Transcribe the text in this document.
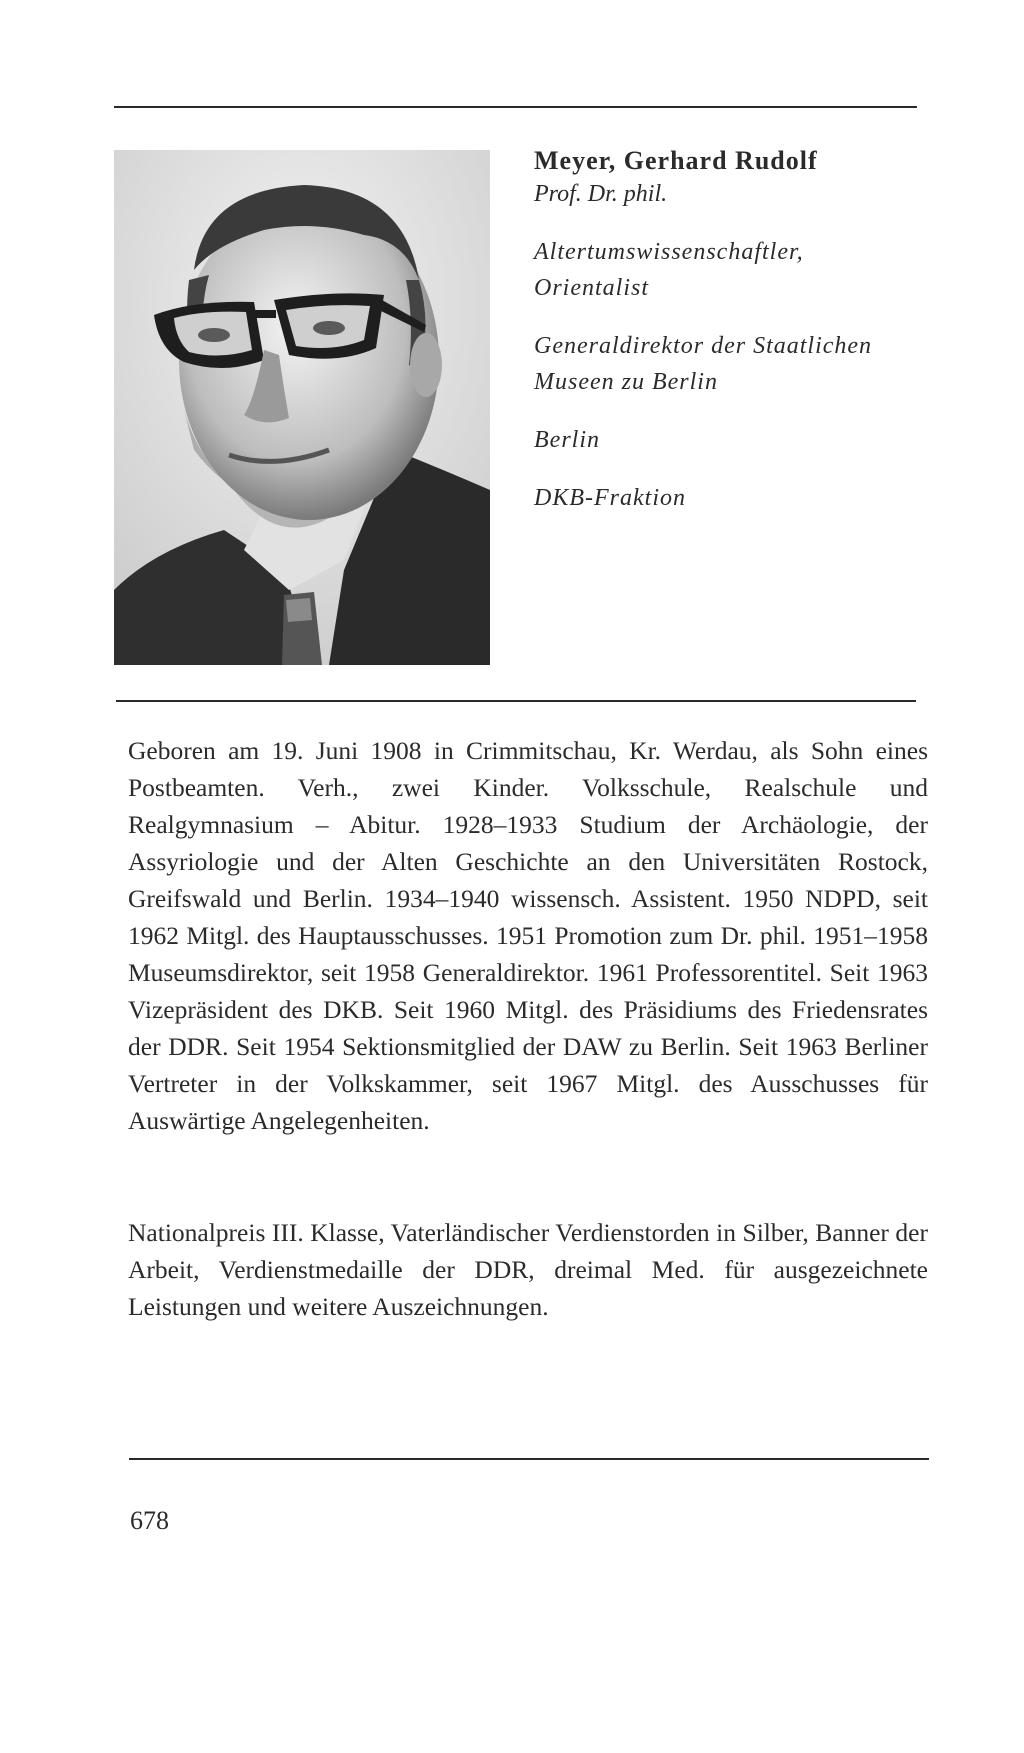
Meyer, Gerhard Rudolf

Prof. Dr. phil.

Altertumswissenschaftler,

Orientalist

Generaldirektor der Staatlichen

Museen zu Berlin

Berlin

DKB-Fraktion

Geboren am 19. Juni 1908 in Crimmitschau, Kr. Werdau, als Sohn eines Postbeamten. Verh., zwei Kinder. Volksschule, Realschule und Realgymnasium – Abitur. 1928–1933 Studium der Archäologie, der Assyriologie und der Alten Geschichte an den Universitäten Rostock, Greifswald und Berlin. 1934–1940 wissensch. Assistent. 1950 NDPD, seit 1962 Mitgl. des Hauptausschusses. 1951 Promotion zum Dr. phil. 1951–1958 Museumsdirektor, seit 1958 Generaldirektor. 1961 Professorentitel. Seit 1963 Vizepräsident des DKB. Seit 1960 Mitgl. des Präsidiums des Friedensrates der DDR. Seit 1954 Sektionsmitglied der DAW zu Berlin. Seit 1963 Berliner Vertreter in der Volkskammer, seit 1967 Mitgl. des Ausschusses für Auswärtige Angelegenheiten.

Nationalpreis III. Klasse, Vaterländischer Verdienstorden in Silber, Banner der Arbeit, Verdienstmedaille der DDR, dreimal Med. für ausgezeichnete Leistungen und weitere Auszeichnungen.

678
